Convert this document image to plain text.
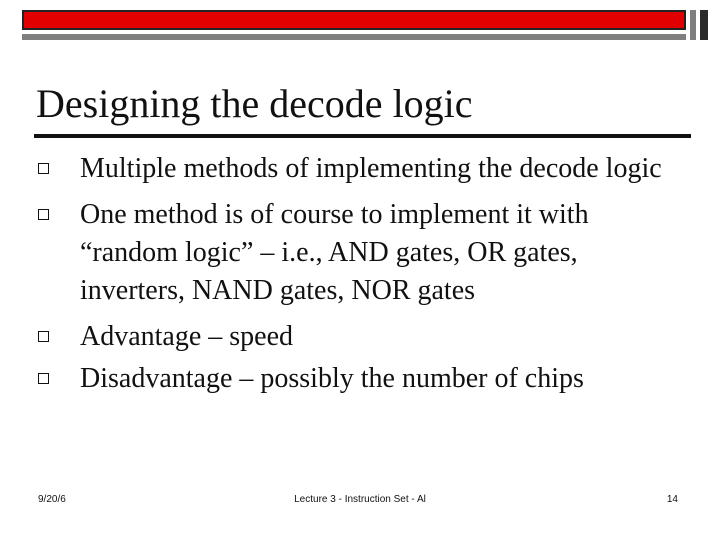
Designing the decode logic
Multiple methods of implementing the decode logic
One method is of course to implement it with “random logic” – i.e., AND gates, OR gates, inverters, NAND gates, NOR gates
Advantage – speed
Disadvantage – possibly the number of chips
9/20/6	Lecture 3 - Instruction Set - Al	14
